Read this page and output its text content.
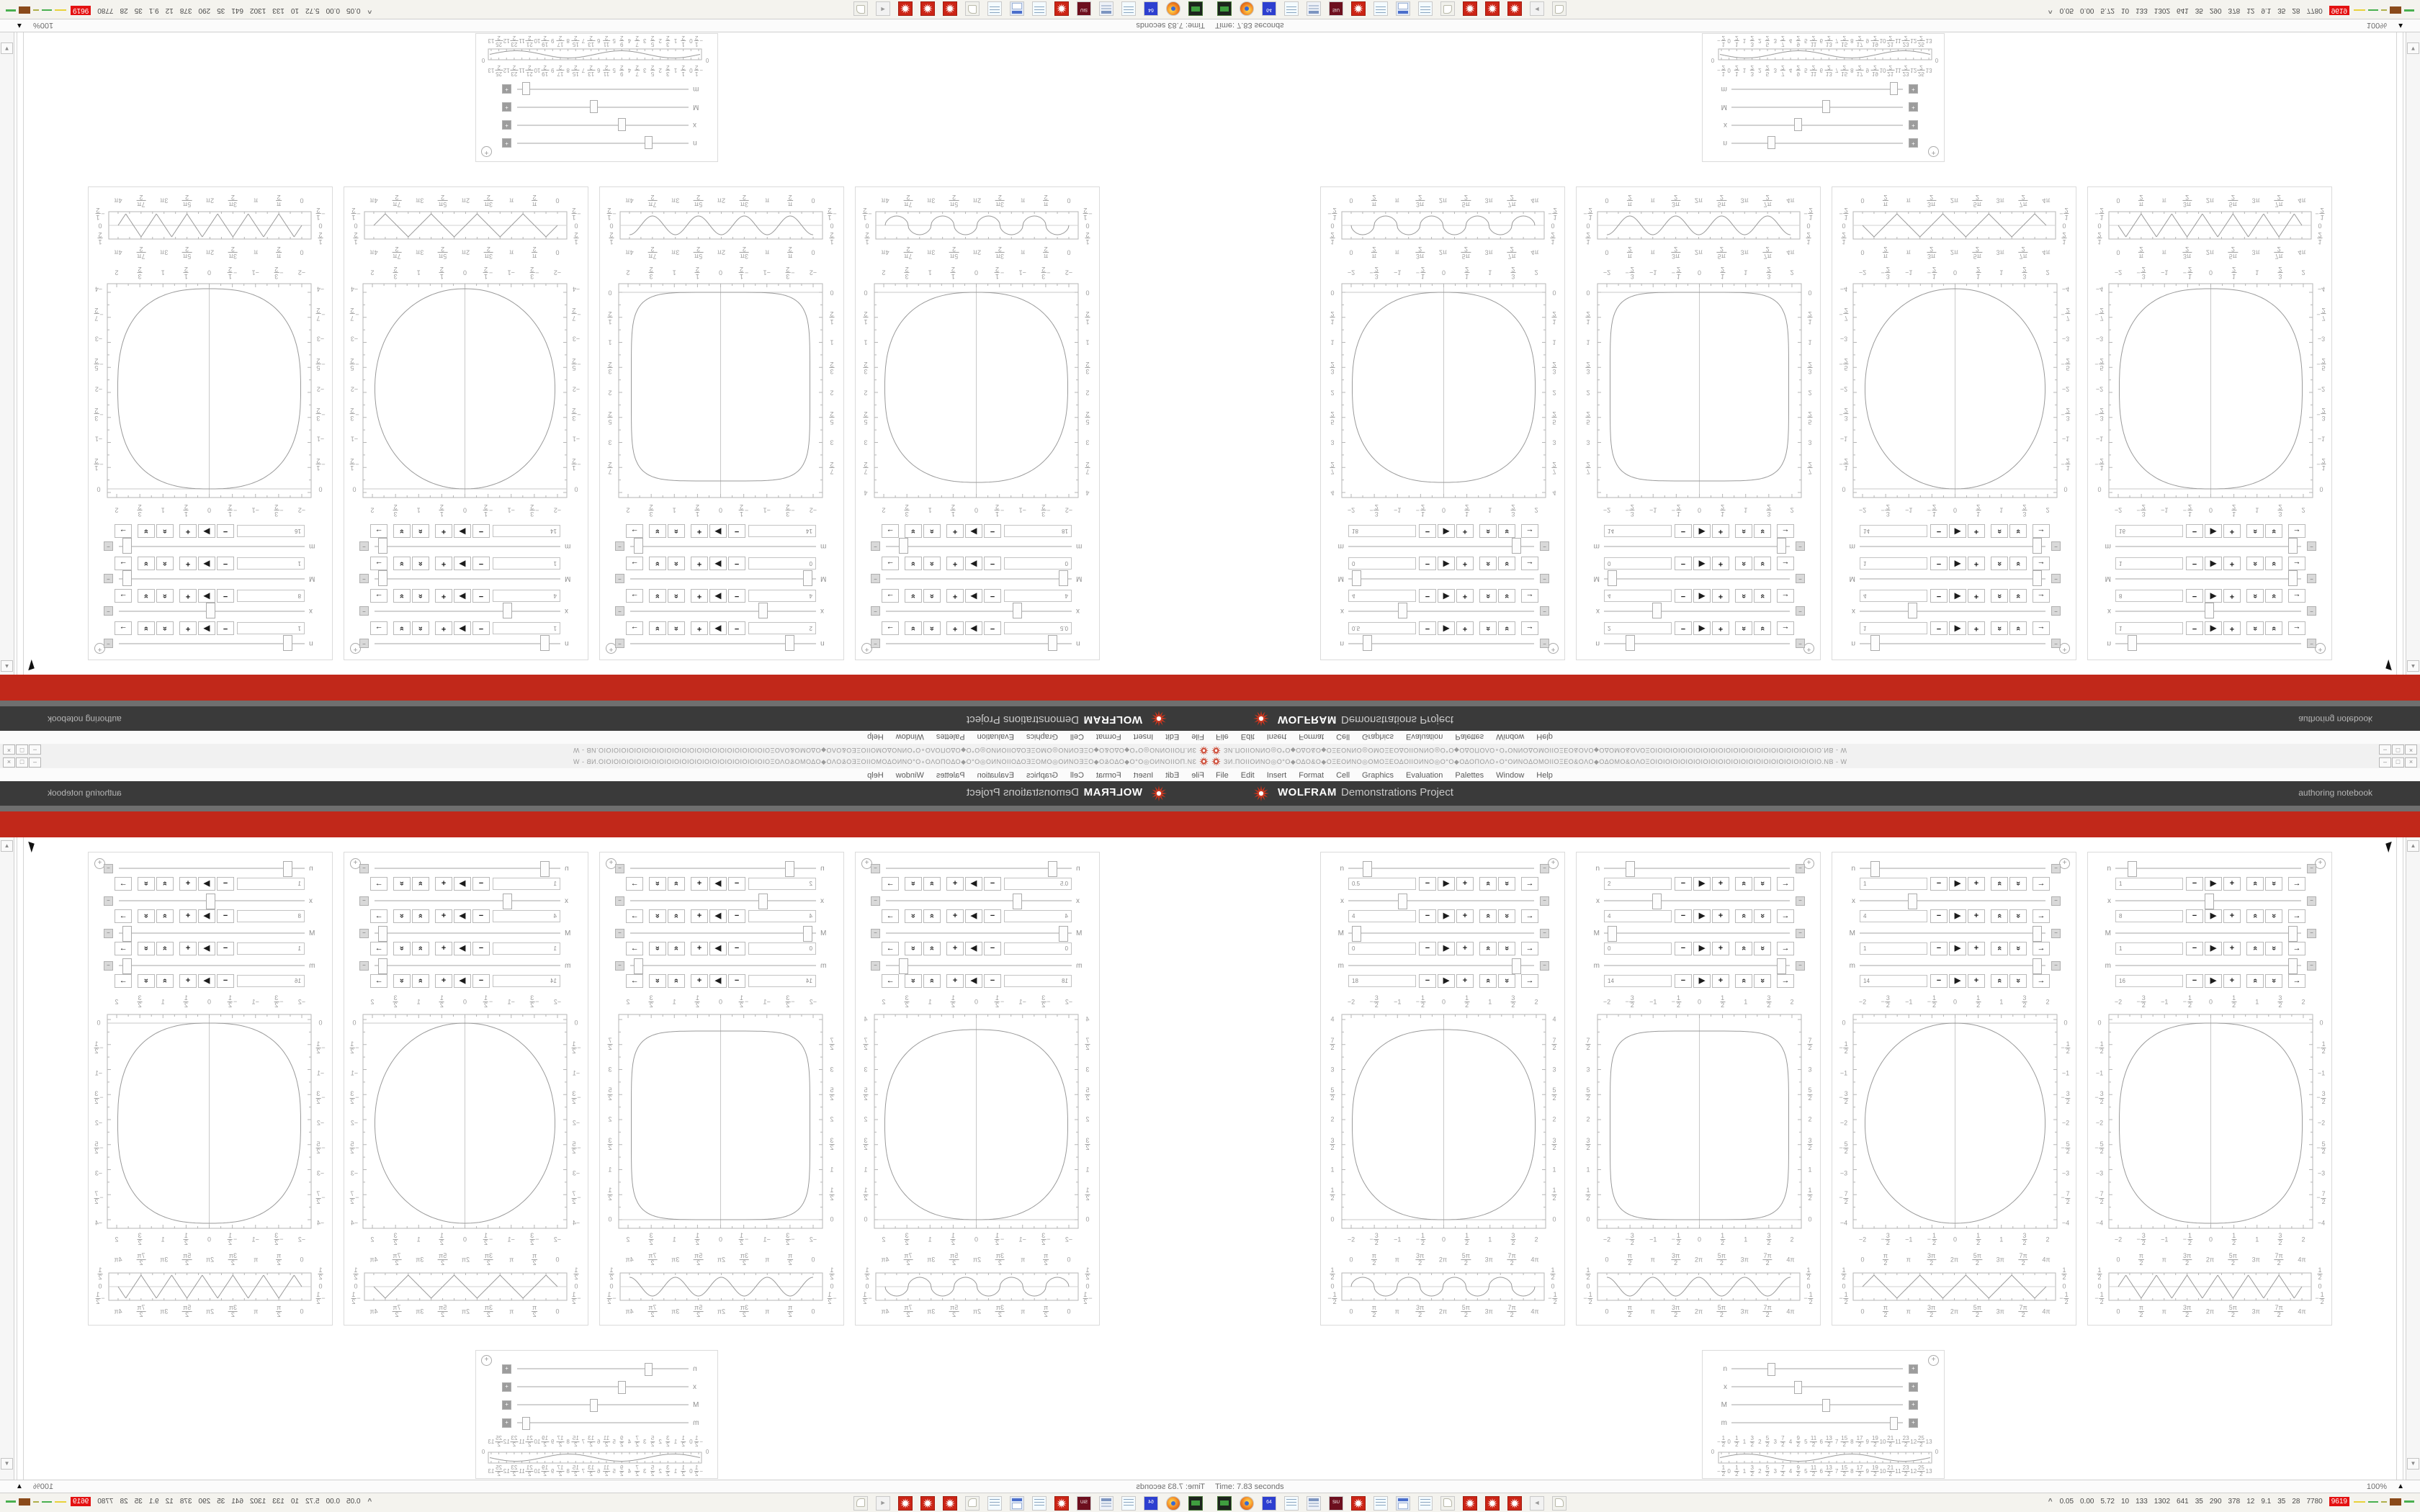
ЗИ.ΠΟΙΙΟИΝΟ◎Ο°Ο◆ΟΔΟ&Ο◆ΟΞΕΟИΝΟ◎ΟΜΟΞΕΟΔΟΙΙΟИΝΟ◎Ο°Ο◆ΟΔΟΠΟΛΟ∘Ο°ΟИΝΟΔΟΜΟΙΙΟΞΕΟ&ΟΛΟ◆ΟΔΟΜΟ&ΟΛΟΞΟΙΟΙΟΙΟΙΟΙΟΙΟΙΟΙΟΙΟΙΟΙΟΙΟΙΟΙΟΙΟΙΟΙΟΙΟΙΟΙΟΙΟΙΟ.ΝΒ - W	–	□	×
File Edit Insert Format Cell Graphics Evaluation Palettes Window Help
WOLFRAM Demonstrations Project	authoring notebook
+
n	−
0.5	−	▶	+	«	»	→
x	−
4	−	▶	+	«	»	→
M	−
0	−	▶	+	«	»	→
m	−
18	−	▶	+	«	»	→
−2
−2
− $\frac{3}{2}$
− $\frac{3}{2}$
−1
−1
− $\frac{1}{2}$
− $\frac{1}{2}$
0
0
$\frac{1}{2}$
$\frac{1}{2}$
1
1
$\frac{3}{2}$
$\frac{3}{2}$
2
2
4	4
$\frac{7}{2}$	$\frac{7}{2}$
3	3
$\frac{5}{2}$	$\frac{5}{2}$
2	2
$\frac{3}{2}$	$\frac{3}{2}$
1	1
$\frac{1}{2}$	$\frac{1}{2}$
0	0
0
0
$\frac{\pi}{2}$
$\frac{\pi}{2}$
π
π
$\frac{3\pi}{2}$
$\frac{3\pi}{2}$
2π
2π
$\frac{5\pi}{2}$
$\frac{5\pi}{2}$
3π
3π
$\frac{7\pi}{2}$
$\frac{7\pi}{2}$
4π
4π
$\frac{1}{2}$	$\frac{1}{2}$
0	0
− $\frac{1}{2}$	− $\frac{1}{2}$
+
n	−
2	−	▶	+	«	»	→
x	−
4	−	▶	+	«	»	→
M	−
0	−	▶	+	«	»	→
m	−
14	−	▶	+	«	»	→
−2
−2
− $\frac{3}{2}$
− $\frac{3}{2}$
−1
−1
− $\frac{1}{2}$
− $\frac{1}{2}$
0
0
$\frac{1}{2}$
$\frac{1}{2}$
1
1
$\frac{3}{2}$
$\frac{3}{2}$
2
2
$\frac{7}{2}$	$\frac{7}{2}$
3	3
$\frac{5}{2}$	$\frac{5}{2}$
2	2
$\frac{3}{2}$	$\frac{3}{2}$
1	1
$\frac{1}{2}$	$\frac{1}{2}$
0	0
0
0
$\frac{\pi}{2}$
$\frac{\pi}{2}$
π
π
$\frac{3\pi}{2}$
$\frac{3\pi}{2}$
2π
2π
$\frac{5\pi}{2}$
$\frac{5\pi}{2}$
3π
3π
$\frac{7\pi}{2}$
$\frac{7\pi}{2}$
4π
4π
$\frac{1}{2}$	$\frac{1}{2}$
0	0
− $\frac{1}{2}$	− $\frac{1}{2}$
+
n	−
1	−	▶	+	«	»	→
x	−
4	−	▶	+	«	»	→
M	−
1	−	▶	+	«	»	→
m	−
14	−	▶	+	«	»	→
−2
−2
− $\frac{3}{2}$
− $\frac{3}{2}$
−1
−1
− $\frac{1}{2}$
− $\frac{1}{2}$
0
0
$\frac{1}{2}$
$\frac{1}{2}$
1
1
$\frac{3}{2}$
$\frac{3}{2}$
2
2
0	0
− $\frac{1}{2}$	− $\frac{1}{2}$
−1	−1
− $\frac{3}{2}$	− $\frac{3}{2}$
−2	−2
− $\frac{5}{2}$	− $\frac{5}{2}$
−3	−3
− $\frac{7}{2}$	− $\frac{7}{2}$
−4	−4
0
0
$\frac{\pi}{2}$
$\frac{\pi}{2}$
π
π
$\frac{3\pi}{2}$
$\frac{3\pi}{2}$
2π
2π
$\frac{5\pi}{2}$
$\frac{5\pi}{2}$
3π
3π
$\frac{7\pi}{2}$
$\frac{7\pi}{2}$
4π
4π
$\frac{1}{2}$	$\frac{1}{2}$
0	0
− $\frac{1}{2}$	− $\frac{1}{2}$
+
n	−
1	−	▶	+	«	»	→
x	−
8	−	▶	+	«	»	→
M	−
1	−	▶	+	«	»	→
m	−
16	−	▶	+	«	»	→
−2
−2
− $\frac{3}{2}$
− $\frac{3}{2}$
−1
−1
− $\frac{1}{2}$
− $\frac{1}{2}$
0
0
$\frac{1}{2}$
$\frac{1}{2}$
1
1
$\frac{3}{2}$
$\frac{3}{2}$
2
2
0	0
− $\frac{1}{2}$	− $\frac{1}{2}$
−1	−1
− $\frac{3}{2}$	− $\frac{3}{2}$
−2	−2
− $\frac{5}{2}$	− $\frac{5}{2}$
−3	−3
− $\frac{7}{2}$	− $\frac{7}{2}$
−4	−4
0
0
$\frac{\pi}{2}$
$\frac{\pi}{2}$
π
π
$\frac{3\pi}{2}$
$\frac{3\pi}{2}$
2π
2π
$\frac{5\pi}{2}$
$\frac{5\pi}{2}$
3π
3π
$\frac{7\pi}{2}$
$\frac{7\pi}{2}$
4π
4π
$\frac{1}{2}$	$\frac{1}{2}$
0	0
− $\frac{1}{2}$	− $\frac{1}{2}$
+
n	+
x	+
M	+
m	+
0	0
− $\frac{1}{2}$
− $\frac{1}{2}$
0
0
$\frac{1}{2}$
$\frac{1}{2}$
1
1
$\frac{3}{2}$
$\frac{3}{2}$
2
2
$\frac{5}{2}$
$\frac{5}{2}$
3
3
$\frac{7}{2}$
$\frac{7}{2}$
4
4
$\frac{9}{2}$
$\frac{9}{2}$
5
5
$\frac{11}{2}$
$\frac{11}{2}$
6
6
$\frac{13}{2}$
$\frac{13}{2}$
7
7
$\frac{15}{2}$
$\frac{15}{2}$
8
8
$\frac{17}{2}$
$\frac{17}{2}$
9
9
$\frac{19}{2}$
$\frac{19}{2}$
10
10
$\frac{21}{2}$
$\frac{21}{2}$
11
11
$\frac{23}{2}$
$\frac{23}{2}$
12
12
$\frac{25}{2}$
$\frac{25}{2}$
13
13
▲
▼
Time: 7.83 seconds	100% ▲
^ 0.05 0.00 5.72 10 133 1302 641 35 290 378 12 9.1 35 28 7780	9619
64	SIU	◄
ЗИ.ΠΟΙΙΟИΝΟ◎Ο°Ο◆ΟΔΟ&Ο◆ΟΞΕΟИΝΟ◎ΟΜΟΞΕΟΔΟΙΙΟИΝΟ◎Ο°Ο◆ΟΔΟΠΟΛΟ∘Ο°ΟИΝΟΔΟΜΟΙΙΟΞΕΟ&ΟΛΟ◆ΟΔΟΜΟ&ΟΛΟΞΟΙΟΙΟΙΟΙΟΙΟΙΟΙΟΙΟΙΟΙΟΙΟΙΟΙΟΙΟΙΟΙΟΙΟΙΟΙΟΙΟΙΟΙΟ.ΝΒ - W
–
□
×
FileEditInsertFormatCellGraphicsEvaluationPalettesWindowHelp
WOLFRAM
Demonstrations Project
authoring notebook
+
n
−
0.5
−
▶
+
«
»
→
x
−
4
−
▶
+
«
»
→
M
−
0
−
▶
+
«
»
→
m
−
18
−
▶
+
«
»
→
−2
−2
−
$\frac{3}{2}$
−
$\frac{3}{2}$
−1
−1
−
$\frac{1}{2}$
−
$\frac{1}{2}$
0
0
$\frac{1}{2}$
$\frac{1}{2}$
1
1
$\frac{3}{2}$
$\frac{3}{2}$
2
2
4
4
$\frac{7}{2}$
$\frac{7}{2}$
3
3
$\frac{5}{2}$
$\frac{5}{2}$
2
2
$\frac{3}{2}$
$\frac{3}{2}$
1
1
$\frac{1}{2}$
$\frac{1}{2}$
0
0
0
0
$\frac{\pi}{2}$
$\frac{\pi}{2}$
π
π
$\frac{3\pi}{2}$
$\frac{3\pi}{2}$
2π
2π
$\frac{5\pi}{2}$
$\frac{5\pi}{2}$
3π
3π
$\frac{7\pi}{2}$
$\frac{7\pi}{2}$
4π
4π
$\frac{1}{2}$
$\frac{1}{2}$
0
0
−
$\frac{1}{2}$
−
$\frac{1}{2}$
+
n
−
2
−
▶
+
«
»
→
x
−
4
−
▶
+
«
»
→
M
−
0
−
▶
+
«
»
→
m
−
14
−
▶
+
«
»
→
−2
−2
−
$\frac{3}{2}$
−
$\frac{3}{2}$
−1
−1
−
$\frac{1}{2}$
−
$\frac{1}{2}$
0
0
$\frac{1}{2}$
$\frac{1}{2}$
1
1
$\frac{3}{2}$
$\frac{3}{2}$
2
2
$\frac{7}{2}$
$\frac{7}{2}$
3
3
$\frac{5}{2}$
$\frac{5}{2}$
2
2
$\frac{3}{2}$
$\frac{3}{2}$
1
1
$\frac{1}{2}$
$\frac{1}{2}$
0
0
0
0
$\frac{\pi}{2}$
$\frac{\pi}{2}$
π
π
$\frac{3\pi}{2}$
$\frac{3\pi}{2}$
2π
2π
$\frac{5\pi}{2}$
$\frac{5\pi}{2}$
3π
3π
$\frac{7\pi}{2}$
$\frac{7\pi}{2}$
4π
4π
$\frac{1}{2}$
$\frac{1}{2}$
0
0
−
$\frac{1}{2}$
−
$\frac{1}{2}$
+
n
−
1
−
▶
+
«
»
→
x
−
4
−
▶
+
«
»
→
M
−
1
−
▶
+
«
»
→
m
−
14
−
▶
+
«
»
→
−2
−2
−
$\frac{3}{2}$
−
$\frac{3}{2}$
−1
−1
−
$\frac{1}{2}$
−
$\frac{1}{2}$
0
0
$\frac{1}{2}$
$\frac{1}{2}$
1
1
$\frac{3}{2}$
$\frac{3}{2}$
2
2
0
0
−
$\frac{1}{2}$
−
$\frac{1}{2}$
−1
−1
−
$\frac{3}{2}$
−
$\frac{3}{2}$
−2
−2
−
$\frac{5}{2}$
−
$\frac{5}{2}$
−3
−3
−
$\frac{7}{2}$
−
$\frac{7}{2}$
−4
−4
0
0
$\frac{\pi}{2}$
$\frac{\pi}{2}$
π
π
$\frac{3\pi}{2}$
$\frac{3\pi}{2}$
2π
2π
$\frac{5\pi}{2}$
$\frac{5\pi}{2}$
3π
3π
$\frac{7\pi}{2}$
$\frac{7\pi}{2}$
4π
4π
$\frac{1}{2}$
$\frac{1}{2}$
0
0
−
$\frac{1}{2}$
−
$\frac{1}{2}$
+
n
−
1
−
▶
+
«
»
→
x
−
8
−
▶
+
«
»
→
M
−
1
−
▶
+
«
»
→
m
−
16
−
▶
+
«
»
→
−2
−2
−
$\frac{3}{2}$
−
$\frac{3}{2}$
−1
−1
−
$\frac{1}{2}$
−
$\frac{1}{2}$
0
0
$\frac{1}{2}$
$\frac{1}{2}$
1
1
$\frac{3}{2}$
$\frac{3}{2}$
2
2
0
0
−
$\frac{1}{2}$
−
$\frac{1}{2}$
−1
−1
−
$\frac{3}{2}$
−
$\frac{3}{2}$
−2
−2
−
$\frac{5}{2}$
−
$\frac{5}{2}$
−3
−3
−
$\frac{7}{2}$
−
$\frac{7}{2}$
−4
−4
0
0
$\frac{\pi}{2}$
$\frac{\pi}{2}$
π
π
$\frac{3\pi}{2}$
$\frac{3\pi}{2}$
2π
2π
$\frac{5\pi}{2}$
$\frac{5\pi}{2}$
3π
3π
$\frac{7\pi}{2}$
$\frac{7\pi}{2}$
4π
4π
$\frac{1}{2}$
$\frac{1}{2}$
0
0
−
$\frac{1}{2}$
−
$\frac{1}{2}$
+
n
+
x
+
M
+
m
+
0
0
−
$\frac{1}{2}$
−
$\frac{1}{2}$
0
0
$\frac{1}{2}$
$\frac{1}{2}$
1
1
$\frac{3}{2}$
$\frac{3}{2}$
2
2
$\frac{5}{2}$
$\frac{5}{2}$
3
3
$\frac{7}{2}$
$\frac{7}{2}$
4
4
$\frac{9}{2}$
$\frac{9}{2}$
5
5
$\frac{11}{2}$
$\frac{11}{2}$
6
6
$\frac{13}{2}$
$\frac{13}{2}$
7
7
$\frac{15}{2}$
$\frac{15}{2}$
8
8
$\frac{17}{2}$
$\frac{17}{2}$
9
9
$\frac{19}{2}$
$\frac{19}{2}$
10
10
$\frac{21}{2}$
$\frac{21}{2}$
11
11
$\frac{23}{2}$
$\frac{23}{2}$
12
12
$\frac{25}{2}$
$\frac{25}{2}$
13
13
▲
▼
Time: 7.83 seconds
100%
▲
^
0.05
0.00
5.72
10
133
1302
641
35
290
378
12
9.1
35
28
7780
9619	64
SIU
◄
ЗИ.ΠΟΙΙΟИΝΟ◎Ο°Ο◆ΟΔΟ&Ο◆ΟΞΕΟИΝΟ◎ΟΜΟΞΕΟΔΟΙΙΟИΝΟ◎Ο°Ο◆ΟΔΟΠΟΛΟ∘Ο°ΟИΝΟΔΟΜΟΙΙΟΞΕΟ&ΟΛΟ◆ΟΔΟΜΟ&ΟΛΟΞΟΙΟΙΟΙΟΙΟΙΟΙΟΙΟΙΟΙΟΙΟΙΟΙΟΙΟΙΟΙΟΙΟΙΟΙΟΙΟΙΟΙΟΙΟ.ΝΒ - W	–	□	×
File Edit Insert Format Cell Graphics Evaluation Palettes Window Help
WOLFRAM Demonstrations Project	authoring notebook
+
n	−
0.5	−	▶	+	«	»	→
x	−
4	−	▶	+	«	»	→
M	−
0	−	▶	+	«	»	→
m	−
18	−	▶	+	«	»	→
−2
−2
−
3
2
−
3
2
−1
−1
−
1
2
−
1
2
0
0
1
2
1
2
1
1
3
2
3
2
2
2
4	4
7
2
7
2
3	3
5
2
5
2
2	2
3
2
3
2
1	1
1
2
1
2
0	0
0
0
π
2
π
2
π
π
3π
2
3π
2
2π
2π
5π
2
5π
2
3π
3π
7π
2
7π
2
4π
4π
1
2
1
2
0	0
−
1
2
−
1
2
+
n	−
2	−	▶	+	«	»	→
x	−
4	−	▶	+	«	»	→
M	−
0	−	▶	+	«	»	→
m	−
14	−	▶	+	«	»	→
−2
−2
−
3
2
−
3
2
−1
−1
−
1
2
−
1
2
0
0
1
2
1
2
1
1
3
2
3
2
2
2
7
2
7
2
3	3
5
2
5
2
2	2
3
2
3
2
1	1
1
2
1
2
0	0
0
0
π
2
π
2
π
π
3π
2
3π
2
2π
2π
5π
2
5π
2
3π
3π
7π
2
7π
2
4π
4π
1
2
1
2
0	0
−
1
2
−
1
2
+
n	−
1	−	▶	+	«	»	→
x	−
4	−	▶	+	«	»	→
M	−
1	−	▶	+	«	»	→
m	−
14	−	▶	+	«	»	→
−2
−2
−
3
2
−
3
2
−1
−1
−
1
2
−
1
2
0
0
1
2
1
2
1
1
3
2
3
2
2
2
0	0
−
1
2
−
1
2
−1	−1
−
3
2
−
3
2
−2	−2
−
5
2
−
5
2
−3	−3
−
7
2
−
7
2
−4	−4
0
0
π
2
π
2
π
π
3π
2
3π
2
2π
2π
5π
2
5π
2
3π
3π
7π
2
7π
2
4π
4π
1
2
1
2
0	0
−
1
2
−
1
2
+
n	−
1	−	▶	+	«	»	→
x	−
8	−	▶	+	«	»	→
M	−
1	−	▶	+	«	»	→
m	−
16	−	▶	+	«	»	→
−2
−2
−
3
2
−
3
2
−1
−1
−
1
2
−
1
2
0
0
1
2
1
2
1
1
3
2
3
2
2
2
0	0
−
1
2
−
1
2
−1	−1
−
3
2
−
3
2
−2	−2
−
5
2
−
5
2
−3	−3
−
7
2
−
7
2
−4	−4
0
0
π
2
π
2
π
π
3π
2
3π
2
2π
2π
5π
2
5π
2
3π
3π
7π
2
7π
2
4π
4π
1
2
1
2
0	0
−
1
2
−
1
2
+
n	+
x	+
M	+
m	+
0	0
−
1
2
−
1
2
0
0
1
2
1
2
1
1
3
2
3
2
2
2
5
2
5
2
3
3
7
2
7
2
4
4
9
2
9
2
5
5
11
2
11
2
6
6
13
2
13
2
7
7
15
2
15
2
8
8
17
2
17
2
9
9
19
2
19
2
10
10
21
2
21
2
11
11
23
2
23
2
12
12
25
2
25
2
13
13
▲
▼
Time: 7.83 seconds	100% ▲
^ 0.05 0.00 5.72 10 133 1302 641 35 290 378 12 9.1 35 28 7780	9619
64	SIU	◄
ЗИ.ΠΟΙΙΟИΝΟ◎Ο°Ο◆ΟΔΟ&Ο◆ΟΞΕΟИΝΟ◎ΟΜΟΞΕΟΔΟΙΙΟИΝΟ◎Ο°Ο◆ΟΔΟΠΟΛΟ∘Ο°ΟИΝΟΔΟΜΟΙΙΟΞΕΟ&ΟΛΟ◆ΟΔΟΜΟ&ΟΛΟΞΟΙΟΙΟΙΟΙΟΙΟΙΟΙΟΙΟΙΟΙΟΙΟΙΟΙΟΙΟΙΟΙΟΙΟΙΟΙΟΙΟΙΟΙΟ.ΝΒ - W
–
□
×
FileEditInsertFormatCellGraphicsEvaluationPalettesWindowHelp
WOLFRAM
Demonstrations Project
authoring notebook
+
n
−
0.5
−
▶
+
«
»
→
x
−
4
−
▶
+
«
»
→
M
−
0
−
▶
+
«
»
→
m
−
18
−
▶
+
«
»
→
−2
−2
−
3
2
−
3
2
−1
−1
−
1
2
−
1
2
0
0
1
2
1
2
1
1
3
2
3
2
2
2
4
4
7
2
7
2
3
3
5
2
5
2
2
2
3
2
3
2
1
1
1
2
1
2
0
0
0
0
π
2
π
2
π
π
3π
2
3π
2
2π
2π
5π
2
5π
2
3π
3π
7π
2
7π
2
4π
4π
1
2
1
2
0
0
−
1
2
−
1
2
+
n
−
2
−
▶
+
«
»
→
x
−
4
−
▶
+
«
»
→
M
−
0
−
▶
+
«
»
→
m
−
14
−
▶
+
«
»
→
−2
−2
−
3
2
−
3
2
−1
−1
−
1
2
−
1
2
0
0
1
2
1
2
1
1
3
2
3
2
2
2
7
2
7
2
3
3
5
2
5
2
2
2
3
2
3
2
1
1
1
2
1
2
0
0
0
0
π
2
π
2
π
π
3π
2
3π
2
2π
2π
5π
2
5π
2
3π
3π
7π
2
7π
2
4π
4π
1
2
1
2
0
0
−
1
2
−
1
2
+
n
−
1
−
▶
+
«
»
→
x
−
4
−
▶
+
«
»
→
M
−
1
−
▶
+
«
»
→
m
−
14
−
▶
+
«
»
→
−2
−2
−
3
2
−
3
2
−1
−1
−
1
2
−
1
2
0
0
1
2
1
2
1
1
3
2
3
2
2
2
0
0
−
1
2
−
1
2
−1
−1
−
3
2
−
3
2
−2
−2
−
5
2
−
5
2
−3
−3
−
7
2
−
7
2
−4
−4
0
0
π
2
π
2
π
π
3π
2
3π
2
2π
2π
5π
2
5π
2
3π
3π
7π
2
7π
2
4π
4π
1
2
1
2
0
0
−
1
2
−
1
2
+
n
−
1
−
▶
+
«
»
→
x
−
8
−
▶
+
«
»
→
M
−
1
−
▶
+
«
»
→
m
−
16
−
▶
+
«
»
→
−2
−2
−
3
2
−
3
2
−1
−1
−
1
2
−
1
2
0
0
1
2
1
2
1
1
3
2
3
2
2
2
0
0
−
1
2
−
1
2
−1
−1
−
3
2
−
3
2
−2
−2
−
5
2
−
5
2
−3
−3
−
7
2
−
7
2
−4
−4
0
0
π
2
π
2
π
π
3π
2
3π
2
2π
2π
5π
2
5π
2
3π
3π
7π
2
7π
2
4π
4π
1
2
1
2
0
0
−
1
2
−
1
2
+
n
+
x
+
M
+
m
+
0
0
−
1
2
−
1
2
0
0
1
2
1
2
1
1
3
2
3
2
2
2
5
2
5
2
3
3
7
2
7
2
4
4
9
2
9
2
5
5
11
2
11
2
6
6
13
2
13
2
7
7
15
2
15
2
8
8
17
2
17
2
9
9
19
2
19
2
10
10
21
2
21
2
11
11
23
2
23
2
12
12
25
2
25
2
13
13
▲
▼
Time: 7.83 seconds
100%
▲
^
0.05
0.00
5.72
10
133
1302
641
35
290
378
12
9.1
35
28
7780
9619	64
SIU
◄
